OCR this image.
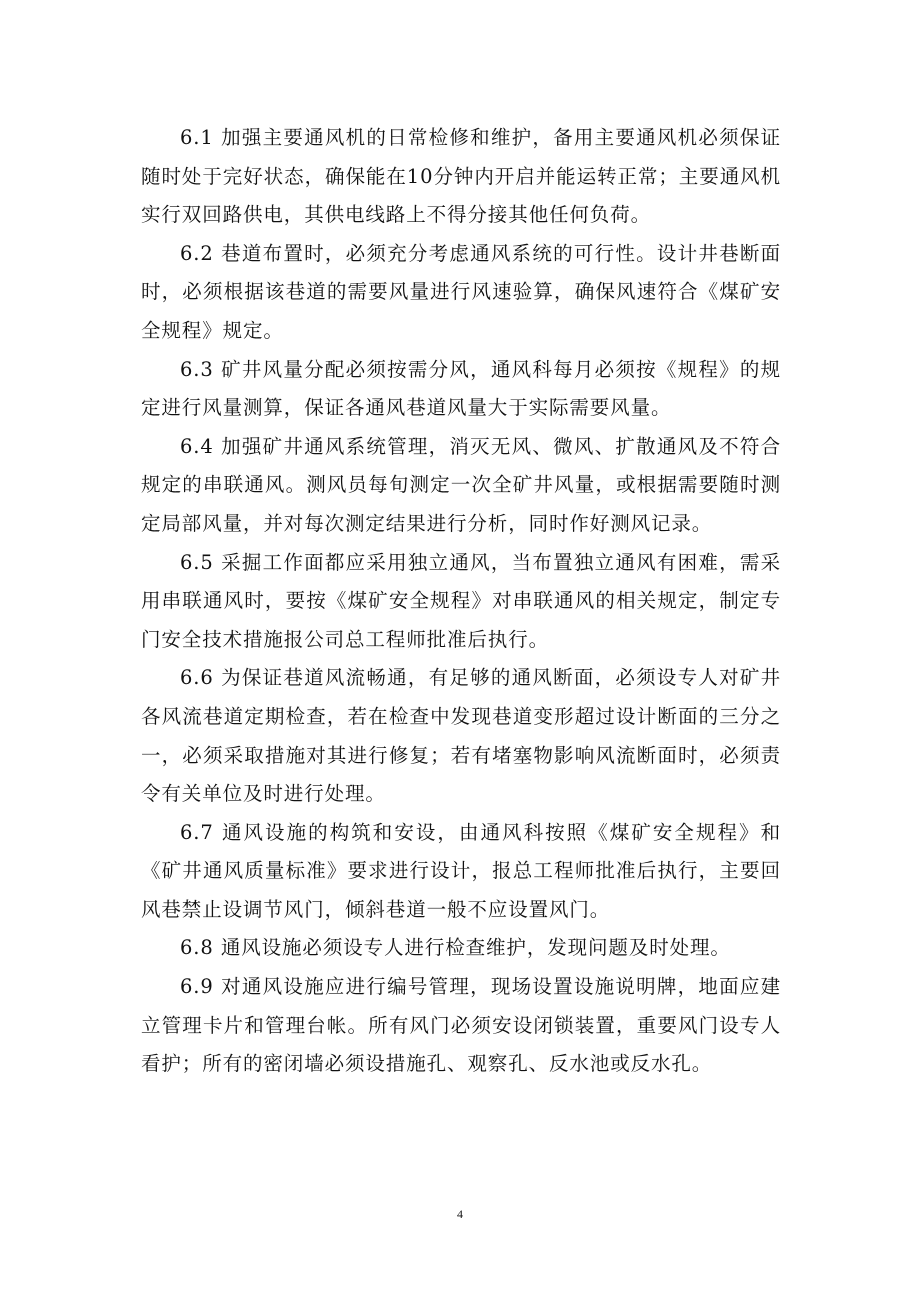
6.1 加强主要通风机的日常检修和维护，备用主要通风机必须保证随时处于完好状态，确保能在10分钟内开启并能运转正常；主要通风机实行双回路供电，其供电线路上不得分接其他任何负荷。

6.2 巷道布置时，必须充分考虑通风系统的可行性。设计井巷断面时，必须根据该巷道的需要风量进行风速验算，确保风速符合《煤矿安全规程》规定。

6.3 矿井风量分配必须按需分风，通风科每月必须按《规程》的规定进行风量测算，保证各通风巷道风量大于实际需要风量。

6.4 加强矿井通风系统管理，消灭无风、微风、扩散通风及不符合规定的串联通风。测风员每旬测定一次全矿井风量，或根据需要随时测定局部风量，并对每次测定结果进行分析，同时作好测风记录。

6.5 采掘工作面都应采用独立通风，当布置独立通风有困难，需采用串联通风时，要按《煤矿安全规程》对串联通风的相关规定，制定专门安全技术措施报公司总工程师批准后执行。

6.6 为保证巷道风流畅通，有足够的通风断面，必须设专人对矿井各风流巷道定期检查，若在检查中发现巷道变形超过设计断面的三分之一，必须采取措施对其进行修复；若有堵塞物影响风流断面时，必须责令有关单位及时进行处理。

6.7 通风设施的构筑和安设，由通风科按照《煤矿安全规程》和《矿井通风质量标准》要求进行设计，报总工程师批准后执行，主要回风巷禁止设调节风门，倾斜巷道一般不应设置风门。

6.8 通风设施必须设专人进行检查维护，发现问题及时处理。

6.9 对通风设施应进行编号管理，现场设置设施说明牌，地面应建立管理卡片和管理台帐。所有风门必须安设闭锁装置，重要风门设专人看护；所有的密闭墙必须设措施孔、观察孔、反水池或反水孔。

4
